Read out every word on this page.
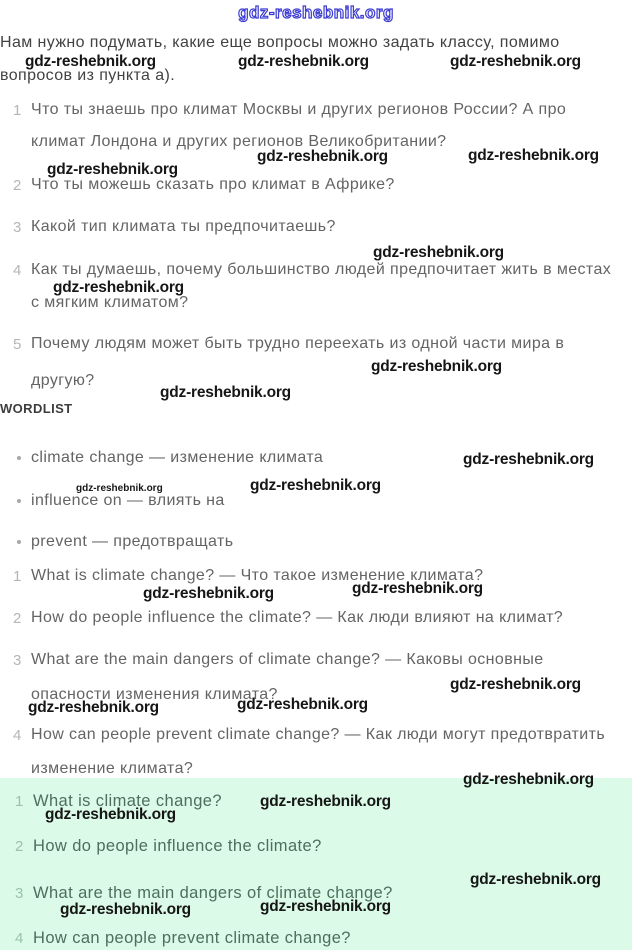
gdz-reshebnik.org
Нам нужно подумать, какие еще вопросы можно задать классу, помимо
вопросов из пункта а).
1 Что ты знаешь про климат Москвы и других регионов России? А про
климат Лондона и других регионов Великобритании?
2 Что ты можешь сказать про климат в Африке?
3 Какой тип климата ты предпочитаешь?
4 Как ты думаешь, почему большинство людей предпочитает жить в местах
с мягким климатом?
5 Почему людям может быть трудно переехать из одной части мира в
другую?
WORDLIST
climate change — изменение климата
influence on — влиять на
prevent — предотвращать
1 What is climate change? — Что такое изменение климата?
2 How do people influence the climate? — Как люди влияют на климат?
3 What are the main dangers of climate change? — Каковы основные
опасности изменения климата?
4 How can people prevent climate change? — Как люди могут предотвратить
изменение климата?
1 What is climate change?
2 How do people influence the climate?
3 What are the main dangers of climate change?
4 How can people prevent climate change?
gdz-reshebnik.org	gdz-reshebnik.org	gdz-reshebnik.org
gdz-reshebnik.org	gdz-reshebnik.org
gdz-reshebnik.org
gdz-reshebnik.org
gdz-reshebnik.org
gdz-reshebnik.org
gdz-reshebnik.org
gdz-reshebnik.org
gdz-reshebnik.org
gdz-reshebnik.org
gdz-reshebnik.org
gdz-reshebnik.org
gdz-reshebnik.org
gdz-reshebnik.org
gdz-reshebnik.org
gdz-reshebnik.org
gdz-reshebnik.org
gdz-reshebnik.org
gdz-reshebnik.org
gdz-reshebnik.org
gdz-reshebnik.org
